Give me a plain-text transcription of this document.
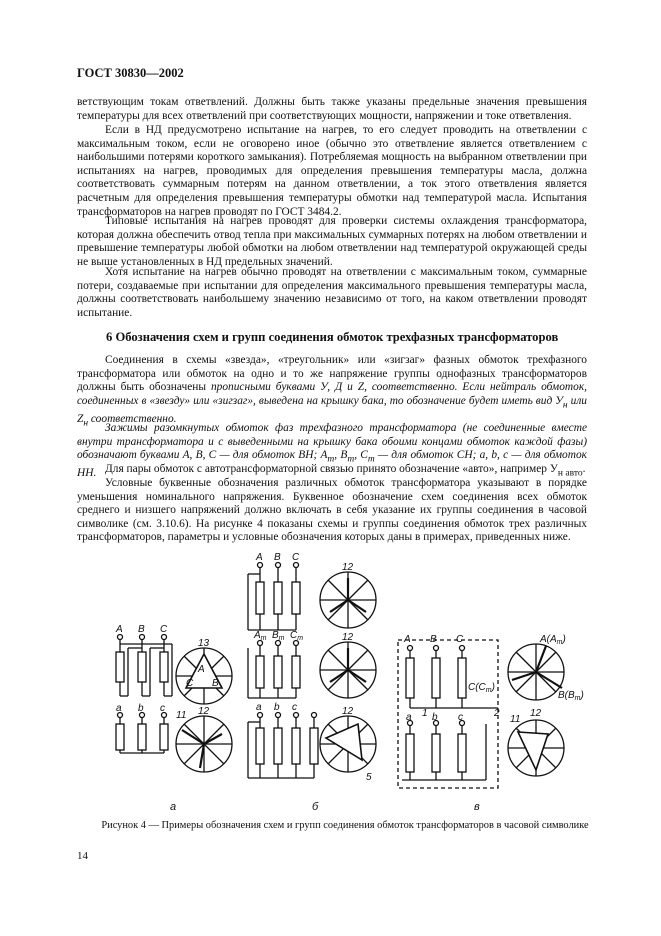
ГОСТ 30830—2002

ветствующим токам ответвлений. Должны быть также указаны предельные значения превышения температуры для всех ответвлений при соответствующих мощности, напряжении и токе ответвления.

Если в НД предусмотрено испытание на нагрев, то его следует проводить на ответвлении с максимальным током, если не оговорено иное (обычно это ответвление является ответвлением с наибольшими потерями короткого замыкания). Потребляемая мощность на выбранном ответвлении при испытаниях на нагрев, проводимых для определения превышения температуры масла, должна соответствовать суммарным потерям на данном ответвлении, а ток этого ответвления является расчетным для определения превышения температуры обмотки над температурой масла. Испытания трансформаторов на нагрев проводят по ГОСТ 3484.2.

Типовые испытания на нагрев проводят для проверки системы охлаждения трансформатора, которая должна обеспечить отвод тепла при максимальных суммарных потерях на любом ответвлении и превышение температуры любой обмотки на любом ответвлении над температурой окружающей среды не выше установленных в НД предельных значений.

Хотя испытание на нагрев обычно проводят на ответвлении с максимальным током, суммарные потери, создаваемые при испытании для определения максимального превышения температуры масла, должны соответствовать наибольшему значению независимо от того, на каком ответвлении проводят испытание.

6 Обозначения схем и групп соединения обмоток трехфазных трансформаторов

Соединения в схемы «звезда», «треугольник» или «зигзаг» фазных обмоток трехфазного трансформатора или обмоток на одно и то же напряжение группы однофазных трансформаторов должны быть обозначены прописными буквами У, Д и Z, соответственно. Если нейтраль обмоток, соединенных в «звезду» или «зигзаг», выведена на крышку бака, то обозначение будет иметь вид $У_н$ или $Z_н$ соответственно.

Зажимы разомкнутых обмоток фаз трехфазного трансформатора (не соединенные вместе внутри трансформатора и с выведенными на крышку бака обоими концами обмоток каждой фазы) обозначают буквами A, B, C — для обмоток ВН; $A_m$, $B_m$, $C_m$ — для обмоток СН; a, b, c — для обмоток НН. Для пары обмоток с автотрансформаторной связью принято обозначение «авто», например $У_{н авто}$.

Условные буквенные обозначения различных обмоток трансформатора указывают в порядке уменьшения номинального напряжения. Буквенное обозначение схем соединения всех обмоток среднего и низшего напряжений должно включать в себя указание их группы соединения в часовой символике (см. 3.10.6). На рисунке 4 показаны схемы и группы соединения обмоток трех различных трансформаторов, параметры и условные обозначения которых даны в примерах, приведенных ниже.

A B C
a b c
13
A
C B
11 12
а
A B C
$A_m$ $B_m$ $C_m$
a b c
12
12
12
5
б
A B C
a b c
$A(A_m)$
$B(B_m)$
$C(C_m)$
12
11
2
1
в
Рисунок 4 — Примеры обозначения схем и групп соединения обмоток трансформаторов в часовой символике
14
